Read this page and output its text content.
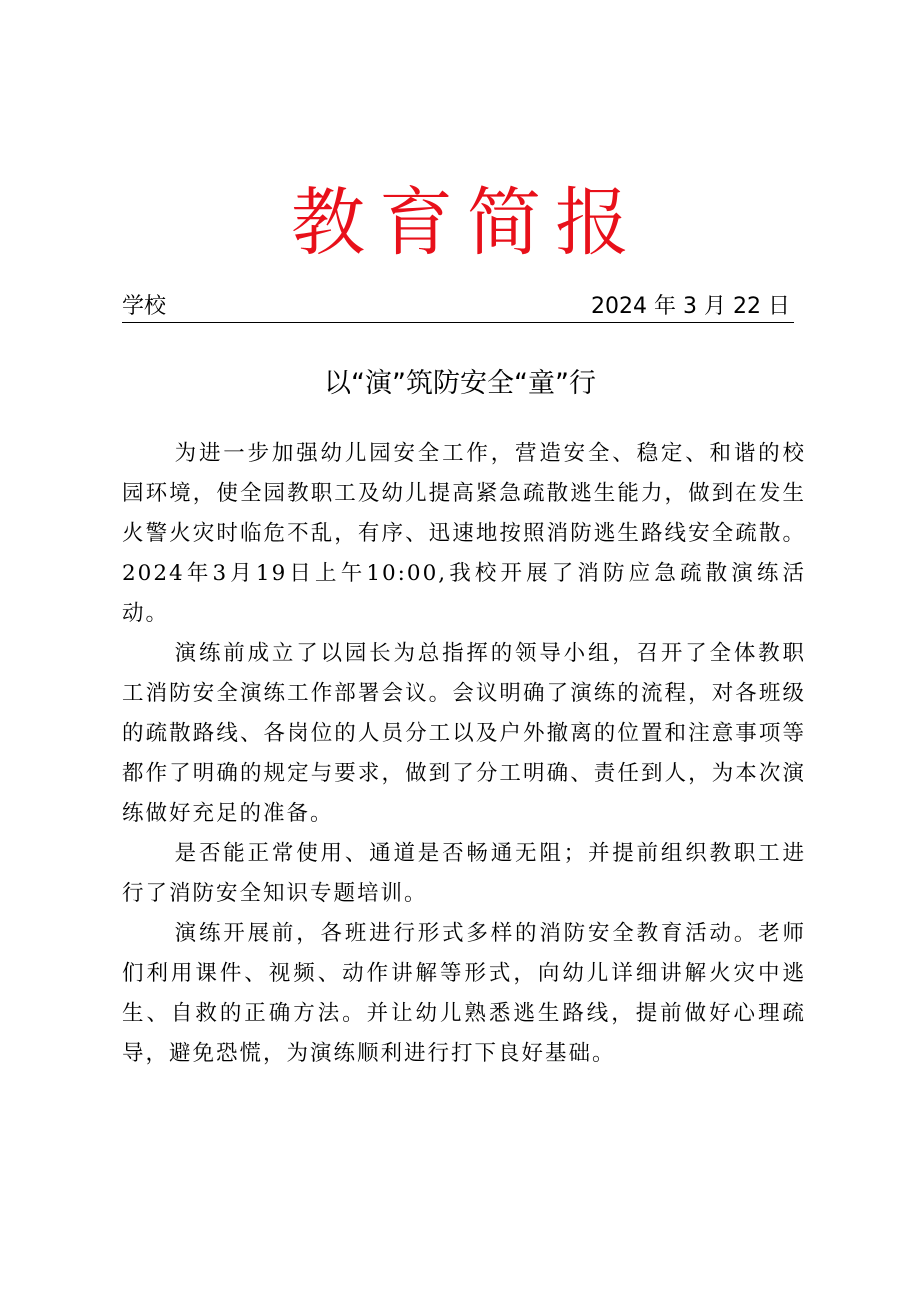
教育简报
学校	2024 年 3 月 22 日
以“演”筑防安全“童”行

为进一步加强幼儿园安全工作，营造安全、稳定、和谐的校园环境，使全园教职工及幼儿提高紧急疏散逃生能力，做到在发生火警火灾时临危不乱，有序、迅速地按照消防逃生路线安全疏散。2024年3月19日上午10:00,我校开展了消防应急疏散演练活动。

演练前成立了以园长为总指挥的领导小组，召开了全体教职工消防安全演练工作部署会议。会议明确了演练的流程，对各班级的疏散路线、各岗位的人员分工以及户外撤离的位置和注意事项等都作了明确的规定与要求，做到了分工明确、责任到人，为本次演练做好充足的准备。

是否能正常使用、通道是否畅通无阻；并提前组织教职工进行了消防安全知识专题培训。

演练开展前，各班进行形式多样的消防安全教育活动。老师们利用课件、视频、动作讲解等形式，向幼儿详细讲解火灾中逃生、自救的正确方法。并让幼儿熟悉逃生路线，提前做好心理疏导，避免恐慌，为演练顺利进行打下良好基础。
